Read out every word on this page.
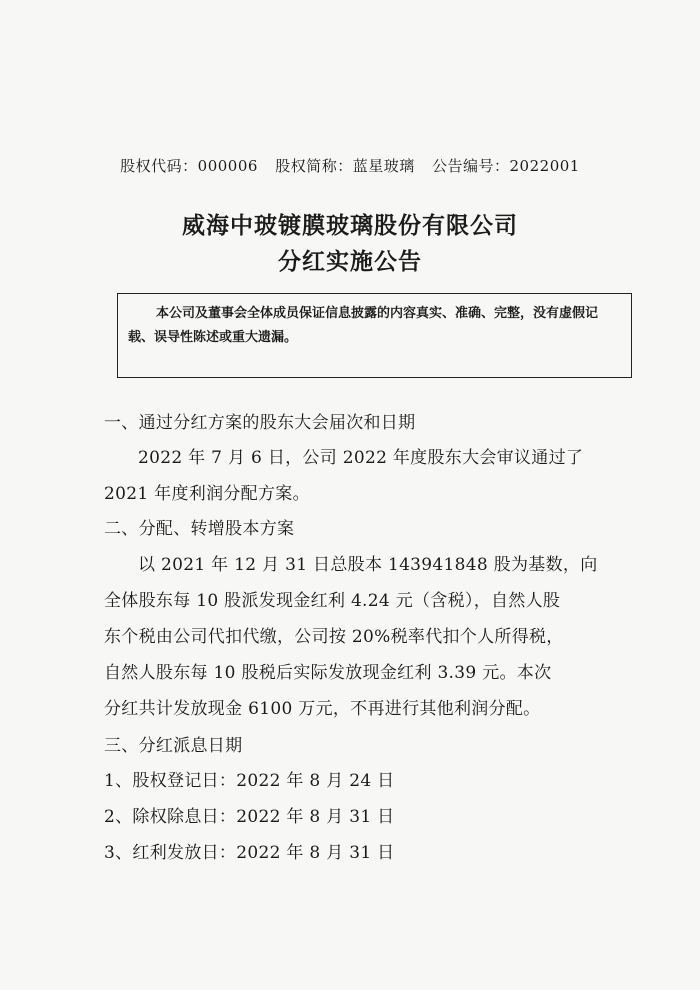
股权代码：000006 股权简称：蓝星玻璃 公告编号：2022001
威海中玻镀膜玻璃股份有限公司
分红实施公告
本公司及董事会全体成员保证信息披露的内容真实、准确、完整，没有虚假记载、误导性陈述或重大遗漏。
一、通过分红方案的股东大会届次和日期
2022 年 7 月 6 日，公司 2022 年度股东大会审议通过了
2021 年度利润分配方案。
二、分配、转增股本方案
以 2021 年 12 月 31 日总股本 143941848 股为基数，向
全体股东每 10 股派发现金红利 4.24 元（含税），自然人股
东个税由公司代扣代缴，公司按 20%税率代扣个人所得税，
自然人股东每 10 股税后实际发放现金红利 3.39 元。本次
分红共计发放现金 6100 万元，不再进行其他利润分配。
三、分红派息日期
1、股权登记日：2022 年 8 月 24 日
2、除权除息日：2022 年 8 月 31 日
3、红利发放日：2022 年 8 月 31 日
